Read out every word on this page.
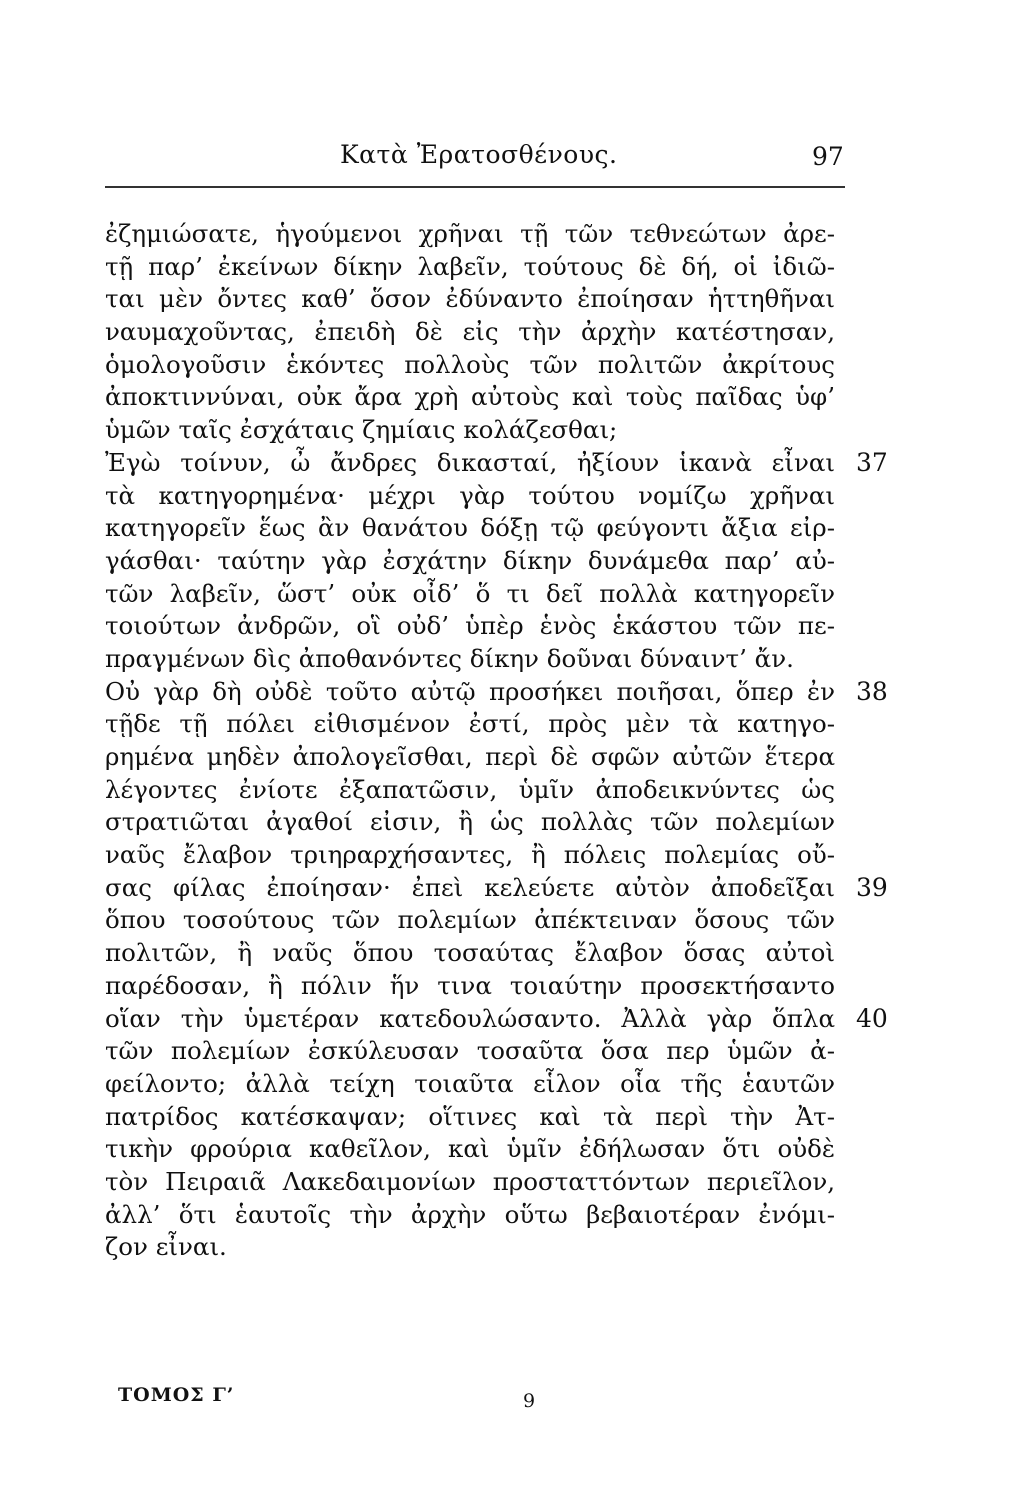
Κατὰ Ἐρατοσθένους.	97
ἐζημιώσατε, ἡγούμενοι χρῆναι τῇ τῶν τεθνεώτων ἀρε-
τῇ παρ’ ἐκείνων δίκην λαβεῖν, τούτους δὲ δή, οἱ ἰδιῶ-
ται μὲν ὄντες καθ’ ὅσον ἐδύναντο ἐποίησαν ἡττηθῆναι
ναυμαχοῦντας, ἐπειδὴ δὲ εἰς τὴν ἀρχὴν κατέστησαν,
ὁμολογοῦσιν ἑκόντες πολλοὺς τῶν πολιτῶν ἀκρίτους
ἀποκτιννύναι, οὐκ ἄρα χρὴ αὐτοὺς καὶ τοὺς παῖδας ὑφ’
ὑμῶν ταῖς ἐσχάταις ζημίαις κολάζεσθαι;
Ἐγὼ τοίνυν, ὦ ἄνδρες δικασταί, ἠξίουν ἱκανὰ εἶναι
τὰ κατηγορημένα· μέχρι γὰρ τούτου νομίζω χρῆναι
κατηγορεῖν ἕως ἂν θανάτου δόξῃ τῷ φεύγοντι ἄξια εἰρ-
γάσθαι· ταύτην γὰρ ἐσχάτην δίκην δυνάμεθα παρ’ αὐ-
τῶν λαβεῖν, ὥστ’ οὐκ οἶδ’ ὅ τι δεῖ πολλὰ κατηγορεῖν
τοιούτων ἀνδρῶν, οἳ οὐδ’ ὑπὲρ ἑνὸς ἑκάστου τῶν πε-
πραγμένων δὶς ἀποθανόντες δίκην δοῦναι δύναιντ’ ἄν.
Οὐ γὰρ δὴ οὐδὲ τοῦτο αὐτῷ προσήκει ποιῆσαι, ὅπερ ἐν
τῇδε τῇ πόλει εἰθισμένον ἐστί, πρὸς μὲν τὰ κατηγο-
ρημένα μηδὲν ἀπολογεῖσθαι, περὶ δὲ σφῶν αὐτῶν ἕτερα
λέγοντες ἐνίοτε ἐξαπατῶσιν, ὑμῖν ἀποδεικνύντες ὡς
στρατιῶται ἀγαθοί εἰσιν, ἢ ὡς πολλὰς τῶν πολεμίων
ναῦς ἔλαβον τριηραρχήσαντες, ἢ πόλεις πολεμίας οὔ-
σας φίλας ἐποίησαν· ἐπεὶ κελεύετε αὐτὸν ἀποδεῖξαι
ὅπου τοσούτους τῶν πολεμίων ἀπέκτειναν ὅσους τῶν
πολιτῶν, ἢ ναῦς ὅπου τοσαύτας ἔλαβον ὅσας αὐτοὶ
παρέδοσαν, ἢ πόλιν ἥν τινα τοιαύτην προσεκτήσαντο
οἵαν τὴν ὑμετέραν κατεδουλώσαντο. Ἀλλὰ γὰρ ὅπλα
τῶν πολεμίων ἐσκύλευσαν τοσαῦτα ὅσα περ ὑμῶν ἀ-
φείλοντο; ἀλλὰ τείχη τοιαῦτα εἷλον οἷα τῆς ἑαυτῶν
πατρίδος κατέσκαψαν; οἵτινες καὶ τὰ περὶ τὴν Ἀτ-
τικὴν φρούρια καθεῖλον, καὶ ὑμῖν ἐδήλωσαν ὅτι οὐδὲ
τὸν Πειραιᾶ Λακεδαιμονίων προσταττόντων περιεῖλον,
ἀλλ’ ὅτι ἑαυτοῖς τὴν ἀρχὴν οὕτω βεβαιοτέραν ἐνόμι-
ζον εἶναι.
37
38
39
40
ΤΟΜΟΣ Γ’	9
